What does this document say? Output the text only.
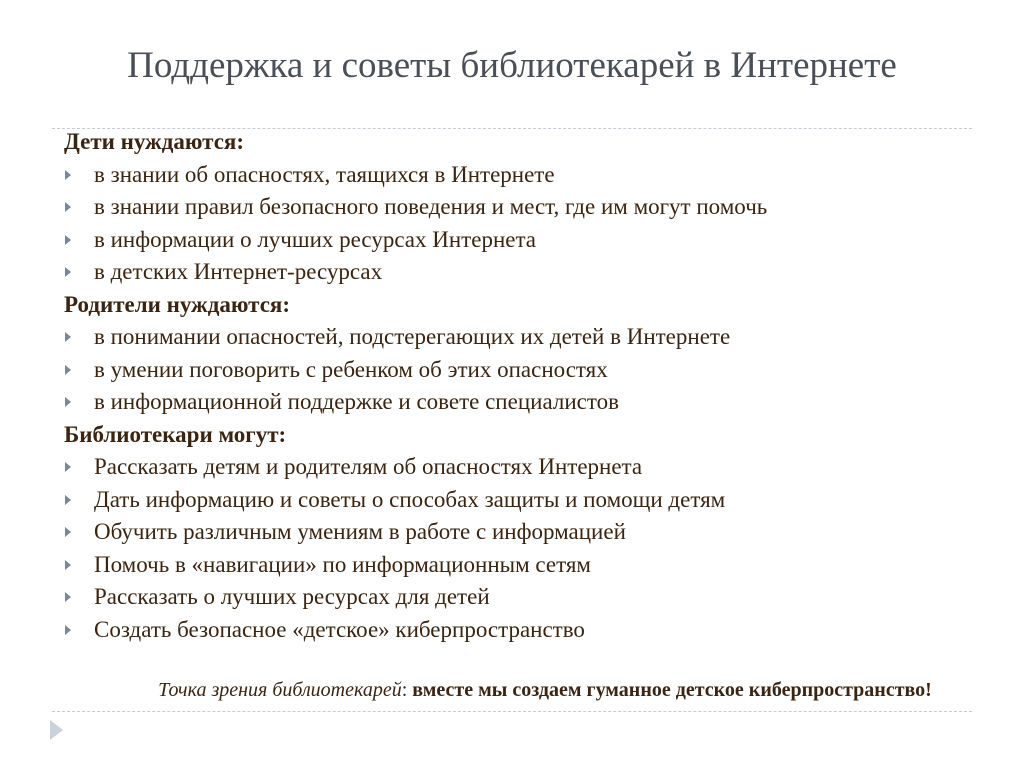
Поддержка и советы библиотекарей в Интернете
Дети нуждаются:
в знании об опасностях, таящихся в Интернете
в знании правил безопасного поведения и мест, где им могут помочь
в информации о лучших ресурсах Интернета
в детских Интернет-ресурсах
Родители нуждаются:
в понимании опасностей, подстерегающих их детей в Интернете
в умении поговорить с ребенком об этих опасностях
в информационной поддержке и совете специалистов
Библиотекари могут:
Рассказать детям и родителям об опасностях Интернета
Дать информацию и советы о способах защиты и помощи детям
Обучить различным умениям в работе с информацией
Помочь в «навигации» по информационным сетям
Рассказать о лучших ресурсах для детей
Создать безопасное «детское» киберпространство
Точка зрения библиотекарей: вместе мы создаем гуманное детское киберпространство!
